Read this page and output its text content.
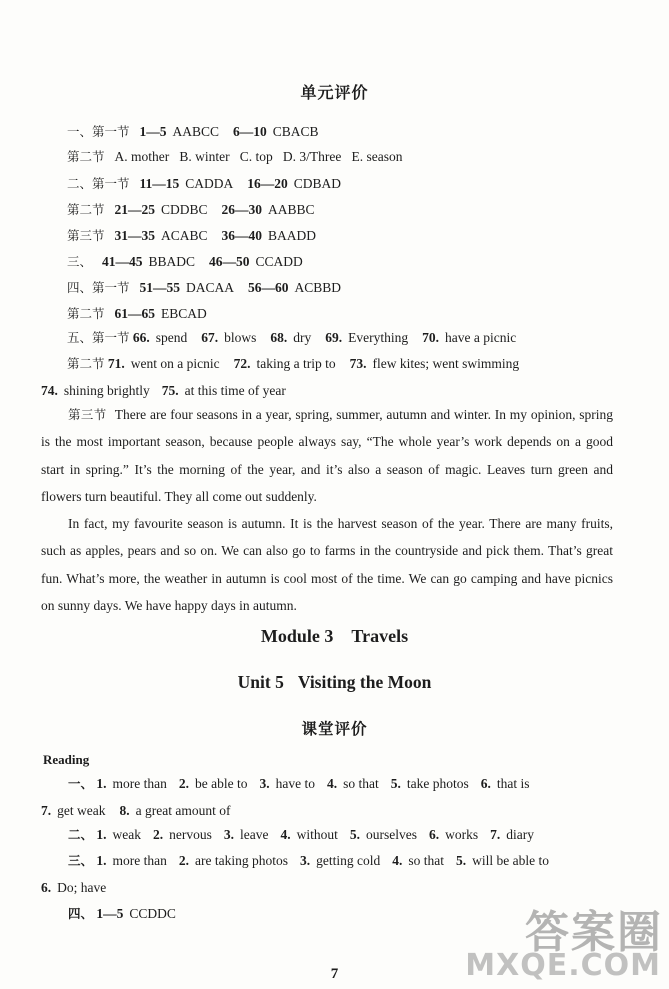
单元评价
一、第一节 1—5 AABCC 6—10 CBACB
第二节 A. mother   B. winter   C. top   D. 3/Three   E. season
二、第一节 11—15 CADDA 16—20 CDBAD
第二节 21—25 CDDBC 26—30 AABBC
第三节 31—35 ACABC 36—40 BAADD
三、 41—45 BBADC 46—50 CCADD
四、第一节 51—55 DACAA 56—60 ACBBD
第二节 61—65 EBCAD
五、第一节 66. spend 67. blows 68. dry 69. Everything 70. have a picnic
第二节 71. went on a picnic 72. taking a trip to 73. flew kites; went swimming
74. shining brightly 75. at this time of year
第三节 There are four seasons in a year, spring, summer, autumn and winter. In my opinion, spring is the most important season, because people always say, “The whole year’s work depends on a good start in spring.” It’s the morning of the year, and it’s also a season of magic. Leaves turn green and flowers turn beautiful. They all come out suddenly.
In fact, my favourite season is autumn. It is the harvest season of the year. There are many fruits, such as apples, pears and so on. We can also go to farms in the countryside and pick them. That’s great fun. What’s more, the weather in autumn is cool most of the time. We can go camping and have picnics on sunny days. We have happy days in autumn.
Module 3 Travels
Unit 5 Visiting the Moon
课堂评价
Reading
一、 1. more than 2. be able to 3. have to 4. so that 5. take photos 6. that is
7. get weak 8. a great amount of
二、 1. weak 2. nervous 3. leave 4. without 5. ourselves 6. works 7. diary
三、 1. more than 2. are taking photos 3. getting cold 4. so that 5. will be able to
6. Do; have
四、 1—5 CCDDC
7
答案圈
MXQE.COM
